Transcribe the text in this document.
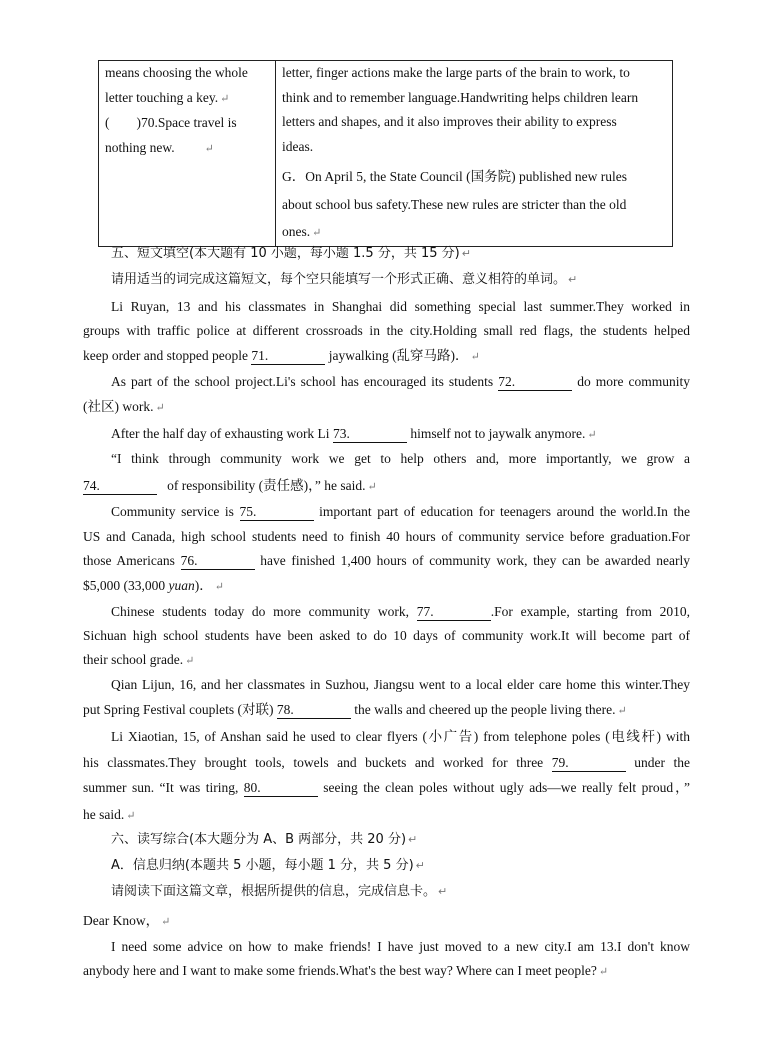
means choosing the whole
letter touching a key. ↵
(　　)70.Space travel is
nothing new.	↵

letter, finger actions make the large parts of the brain to work, to
think and to remember language.Handwriting helps children learn
letters and shapes, and it also improves their ability to express
ideas.
G．On April 5, the State Council (国务院) published new rules
about school bus safety.These new rules are stricter than the old
ones. ↵
五、短文填空(本大题有 10 小题，每小题 1.5 分，共 15 分) ↵
请用适当的词完成这篇短文，每个空只能填写一个形式正确、意义相符的单词。 ↵
Li Ruyan, 13 and his classmates in Shanghai did something special last summer.They worked in
groups with traffic police at different crossroads in the city.Holding small red flags, the students helped
keep order and stopped people 71.	jaywalking (乱穿马路)． ↵
As part of the school project.Li's school has encouraged its students 72.	do more community
(社区) work. ↵
After the half day of exhausting work Li 73.	himself not to jaywalk anymore. ↵
“I think through community work we get to help others and, more importantly, we grow a
74.	of responsibility (责任感)，” he said. ↵
Community service is 75.	important part of education for teenagers around the world.In the
US and Canada, high school students need to finish 40 hours of community service before graduation.For
those Americans 76.	have finished 1,400 hours of community work, they can be awarded nearly
$5,000 (33,000 yuan)． ↵
Chinese students today do more community work, 77.	.For example, starting from 2010,
Sichuan high school students have been asked to do 10 days of community work.It will become part of
their school grade. ↵
Qian Lijun, 16, and her classmates in Suzhou, Jiangsu went to a local elder care home this winter.They
put Spring Festival couplets (对联) 78.	the walls and cheered up the people living there. ↵
Li Xiaotian, 15, of Anshan said he used to clear flyers (小广告) from telephone poles (电线杆) with
his classmates.They brought tools, towels and buckets and worked for three 79.	under the
summer sun. “It was tiring, 80.	seeing the clean poles without ugly ads—we really felt proud，”
he said. ↵
六、读写综合(本大题分为 A、B 两部分，共 20 分) ↵
A．信息归纳(本题共 5 小题，每小题 1 分，共 5 分) ↵
请阅读下面这篇文章，根据所提供的信息，完成信息卡。 ↵
Dear Know， ↵
I need some advice on how to make friends! I have just moved to a new city.I am 13.I don't know
anybody here and I want to make some friends.What's the best way? Where can I meet people? ↵
